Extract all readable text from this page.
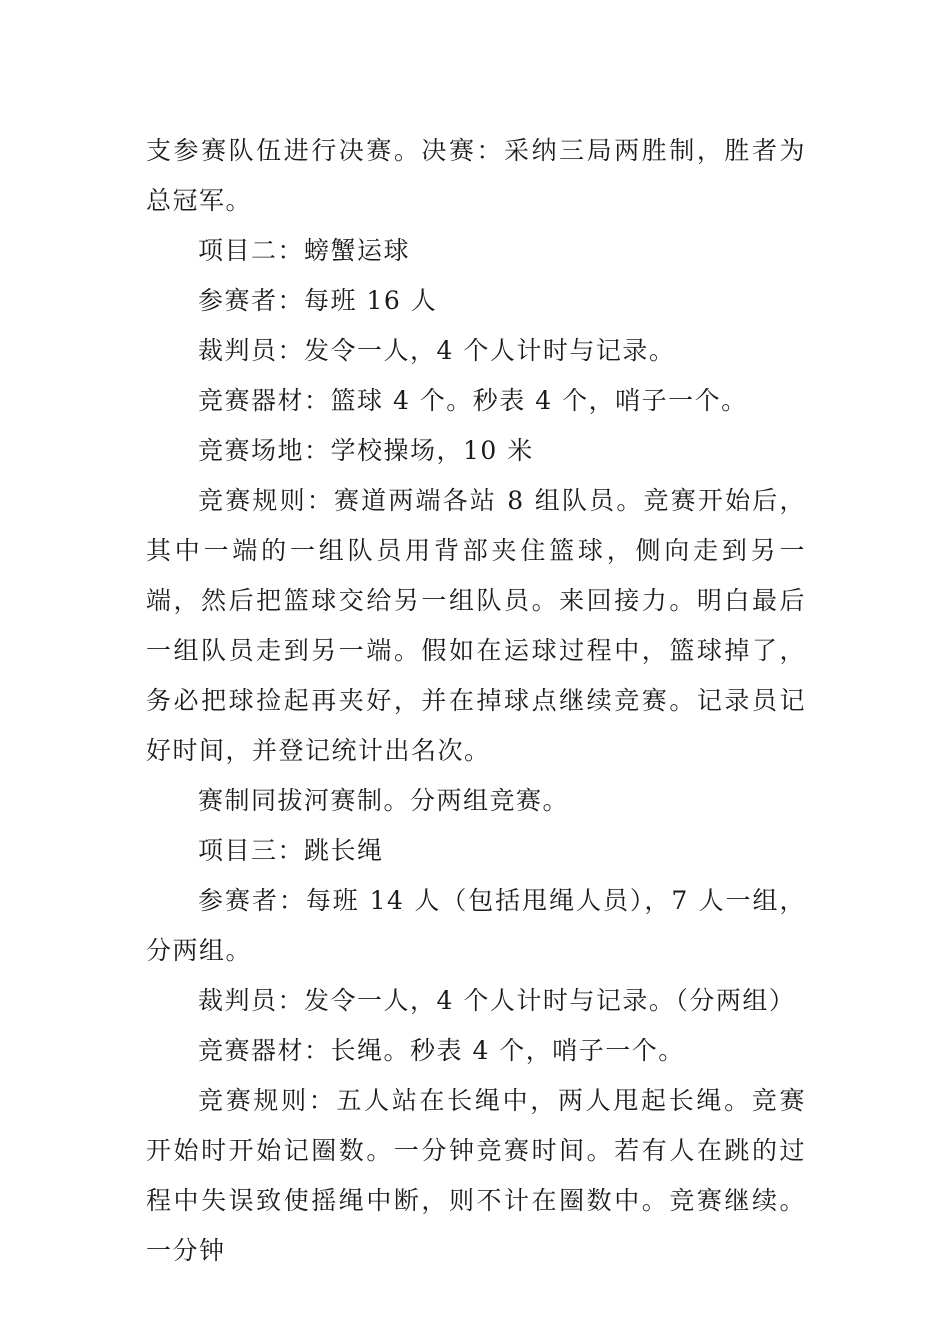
支参赛队伍进行决赛。决赛：采纳三局两胜制，胜者为总冠军。

项目二：螃蟹运球

参赛者：每班 16 人

裁判员：发令一人，4 个人计时与记录。

竞赛器材：篮球 4 个。秒表 4 个，哨子一个。

竞赛场地：学校操场，10 米

竞赛规则：赛道两端各站 8 组队员。竞赛开始后，其中一端的一组队员用背部夹住篮球，侧向走到另一端，然后把篮球交给另一组队员。来回接力。明白最后一组队员走到另一端。假如在运球过程中，篮球掉了，务必把球捡起再夹好，并在掉球点继续竞赛。记录员记好时间，并登记统计出名次。

赛制同拔河赛制。分两组竞赛。

项目三：跳长绳

参赛者：每班 14 人（包括甩绳人员），7 人一组，分两组。

裁判员：发令一人，4 个人计时与记录。（分两组）

竞赛器材：长绳。秒表 4 个，哨子一个。

竞赛规则：五人站在长绳中，两人甩起长绳。竞赛开始时开始记圈数。一分钟竞赛时间。若有人在跳的过程中失误致使摇绳中断，则不计在圈数中。竞赛继续。一分钟
